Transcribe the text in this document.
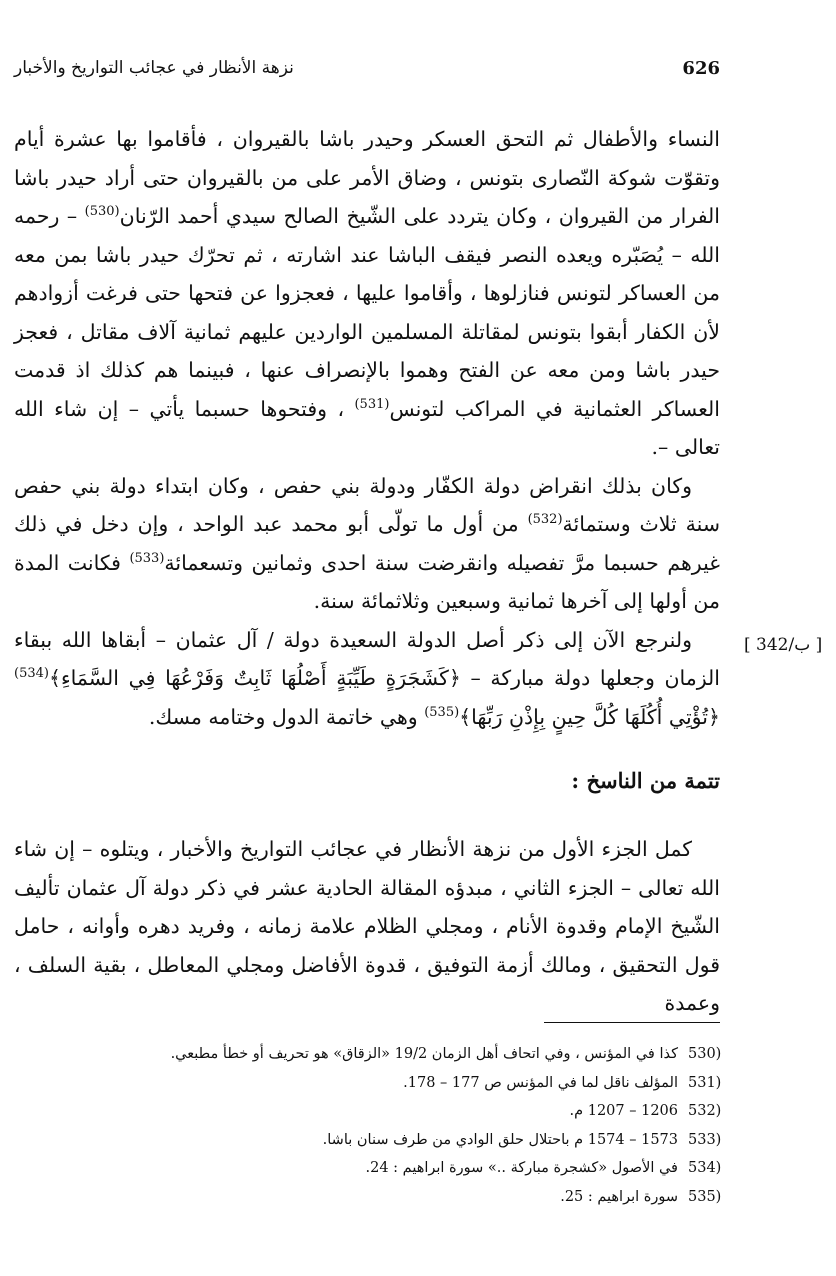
626
نزهة الأنظار في عجائب التواريخ والأخبار

النساء والأطفال ثم التحق العسكر وحيدر باشا بالقيروان ، فأقاموا بها عشرة أيام وتقوّت شوكة النّصارى بتونس ، وضاق الأمر على من بالقيروان حتى أراد حيدر باشا الفرار من القيروان ، وكان يتردد على الشّيخ الصالح سيدي أحمد الرّنان$^{(530)}$ – رحمه الله – يُصَبّره ويعده النصر فيقف الباشا عند اشارته ، ثم تحرّك حيدر باشا بمن معه من العساكر لتونس فنازلوها ، وأقاموا عليها ، فعجزوا عن فتحها حتى فرغت أزوادهم لأن الكفار أبقوا بتونس لمقاتلة المسلمين الواردين عليهم ثمانية آلاف مقاتل ، فعجز حيدر باشا ومن معه عن الفتح وهموا بالإنصراف عنها ، فبينما هم كذلك اذ قدمت العساكر العثمانية في المراكب لتونس$^{(531)}$ ، وفتحوها حسبما يأتي – إن شاء الله تعالى –.

وكان بذلك انقراض دولة الكفّار ودولة بني حفص ، وكان ابتداء دولة بني حفص سنة ثلاث وستمائة$^{(532)}$ من أول ما تولّى أبو محمد عبد الواحد ، وإن دخل في ذلك غيرهم حسبما مرَّ تفصيله وانقرضت سنة احدى وثمانين وتسعمائة$^{(533)}$ فكانت المدة من أولها إلى آخرها ثمانية وسبعين وثلاثمائة سنة.

ولنرجع الآن إلى ذكر أصل الدولة السعيدة دولة / آل عثمان – أبقاها الله ببقاء الزمان وجعلها دولة مباركة – ﴿كَشَجَرَةٍ طَيِّبَةٍ أَصْلُهَا ثَابِتٌ وَفَرْعُهَا فِي السَّمَاءِ﴾$^{(534)}$ ﴿تُؤْتِي أُكُلَهَا كُلَّ حِينٍ بِإِذْنِ رَبِّهَا﴾$^{(535)}$ وهي خاتمة الدول وختامه مسك.

[ 342/ب ]
تتمة من الناسخ :

كمل الجزء الأول من نزهة الأنظار في عجائب التواريخ والأخبار ، ويتلوه – إن شاء الله تعالى – الجزء الثاني ، مبدؤه المقالة الحادية عشر في ذكر دولة آل عثمان تأليف الشّيخ الإمام وقدوة الأنام ، ومجلي الظلام علامة زمانه ، وفريد دهره وأوانه ، حامل قول التحقيق ، ومالك أزمة التوفيق ، قدوة الأفاضل ومجلي المعاطل ، بقية السلف ، وعمدة

530)
كذا في المؤنس ، وفي اتحاف أهل الزمان 19/2 «الزقاق» هو تحريف أو خطأ مطبعي.
531)
المؤلف ناقل لما في المؤنس ص 177 – 178.
532)
1206 – 1207 م.
533)
1573 – 1574 م باحتلال حلق الوادي من طرف سنان باشا.
534)
في الأصول «كشجرة مباركة ..» سورة ابراهيم : 24.
535)
سورة ابراهيم : 25.
